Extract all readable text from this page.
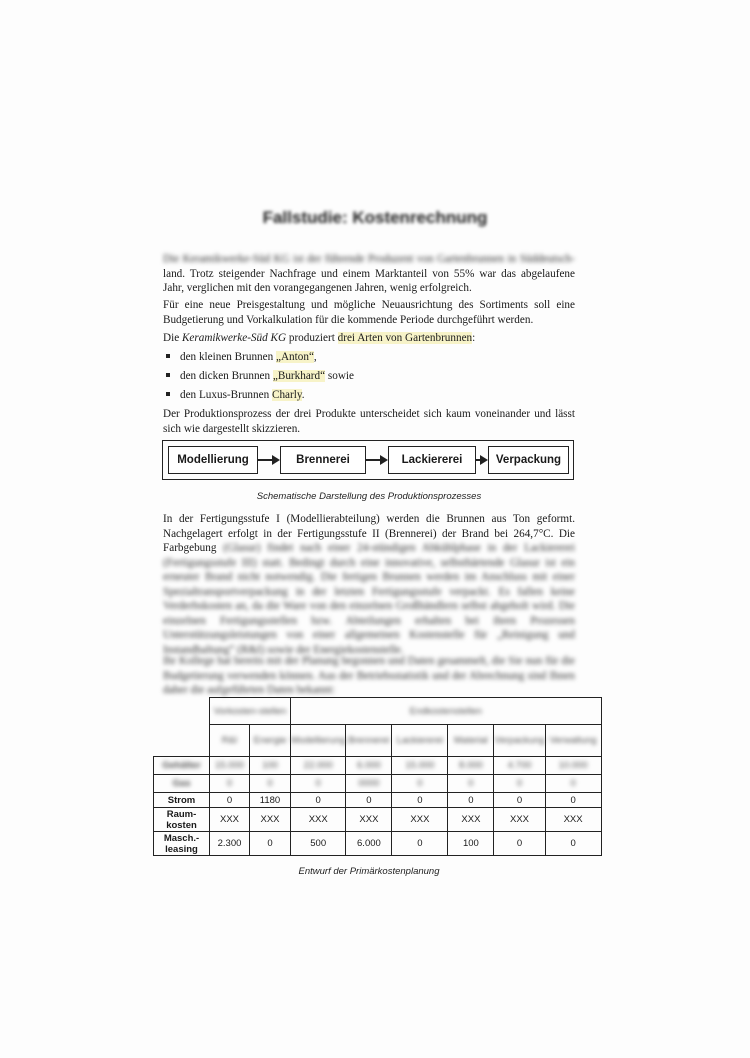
Fallstudie: Kostenrechnung
Die Keramikwerke-Süd KG ist der führende Produzent von Gartenbrunnen in Süddeutsch- land. Trotz steigender Nachfrage und einem Marktanteil von 55% war das abgelaufene Jahr, verglichen mit den vorangegangenen Jahren, wenig erfolgreich.
Für eine neue Preisgestaltung und mögliche Neuausrichtung des Sortiments soll eine Budgetierung und Vorkalkulation für die kommende Periode durchgeführt werden.
Die Keramikwerke-Süd KG produziert drei Arten von Gartenbrunnen:
den kleinen Brunnen „Anton“,
den dicken Brunnen „Burkhard“ sowie
den Luxus-Brunnen Charly.
Der Produktionsprozess der drei Produkte unterscheidet sich kaum voneinander und lässt sich wie dargestellt skizzieren.
Modellierung	Brennerei	Lackiererei	Verpackung
Schematische Darstellung des Produktionsprozesses
In der Fertigungsstufe I (Modellierabteilung) werden die Brunnen aus Ton geformt. Nachgelagert erfolgt in der Fertigungsstufe II (Brennerei) der Brand bei 264,7°C. Die Farbgebung (Glasur) findet nach einer 24-stündigen Abkühlphase in der Lackiererei (Fertigungsstufe III) statt. Bedingt durch eine innovative, selbsthärtende Glasur ist ein erneuter Brand nicht notwendig. Die fertigen Brunnen werden im Anschluss mit einer Spezialtransportverpackung in der letzten Fertigungsstufe verpackt. Es fallen keine Verderbskosten an, da die Ware von den einzelnen Großhändlern selbst abgeholt wird. Die einzelnen Fertigungsstellen bzw. Abteilungen erhalten bei ihren Prozessen Unterstützungsleistungen von einer allgemeinen Kostenstelle für „Reinigung und Instandhaltung“ (R&I) sowie der Energiekostenstelle.
Ihr Kollege hat bereits mit der Planung begonnen und Daten gesammelt, die Sie nun für die Budgetierung verwenden können. Aus der Betriebsstatistik und der Abrechnung sind Ihnen daher die aufgeführten Daten bekannt:
	Vorkosten-stellen		Endkostenstellen					
	R&I	Energie	Modellierung	Brennerei	Lackiererei	Material	Verpackung	Verwaltung
Gehälter	15.000	100	22.000	6.000	15.000	8.000	4.700	10.000
Gas	0	0	0	0000	0	0	0	0
Strom	0	1180	0	0	0	0	0	0
Raum-kosten	XXX	XXX	XXX	XXX	XXX	XXX	XXX	XXX
Masch.-leasing	2.300	0	500	6.000	0	100	0	0
Entwurf der Primärkostenplanung
